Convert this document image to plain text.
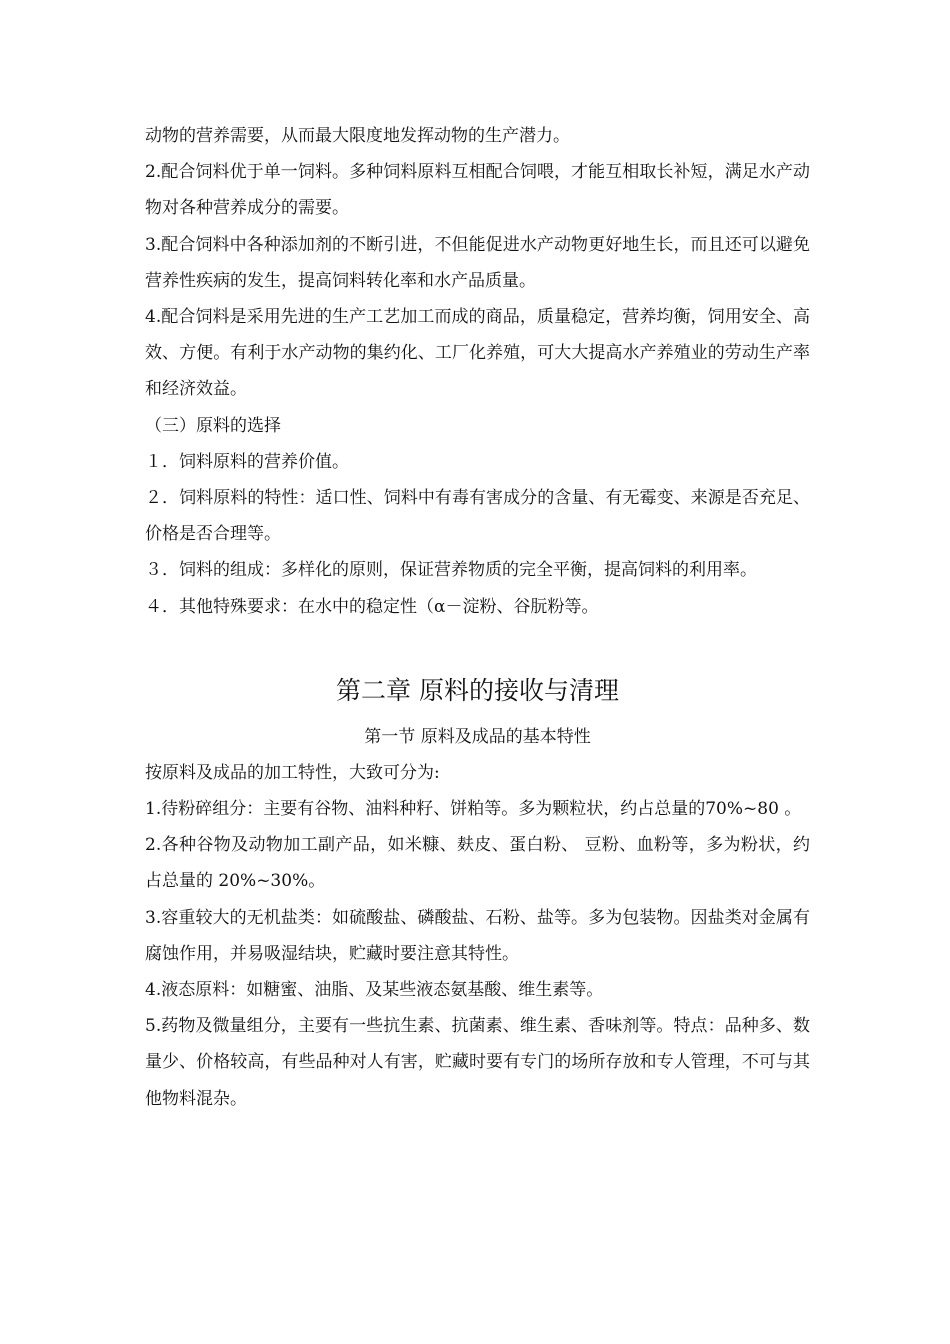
动物的营养需要，从而最大限度地发挥动物的生产潜力。

2.配合饲料优于单一饲料。多种饲料原料互相配合饲喂，才能互相取长补短，满足水产动物对各种营养成分的需要。

3.配合饲料中各种添加剂的不断引进，不但能促进水产动物更好地生长，而且还可以避免营养性疾病的发生，提高饲料转化率和水产品质量。

4.配合饲料是采用先进的生产工艺加工而成的商品，质量稳定，营养均衡，饲用安全、高效、方便。有利于水产动物的集约化、工厂化养殖，可大大提高水产养殖业的劳动生产率和经济效益。

（三）原料的选择

１．饲料原料的营养价值。

２．饲料原料的特性：适口性、饲料中有毒有害成分的含量、有无霉变、来源是否充足、价格是否合理等。

３．饲料的组成：多样化的原则，保证营养物质的完全平衡，提高饲料的利用率。

４．其他特殊要求：在水中的稳定性（α－淀粉、谷朊粉等。

第二章 原料的接收与清理
第一节 原料及成品的基本特性

按原料及成品的加工特性，大致可分为:

1.待粉碎组分：主要有谷物、油料种籽、饼粕等。多为颗粒状，约占总量的70%~80 。

2.各种谷物及动物加工副产品，如米糠、麸皮、蛋白粉、 豆粉、血粉等，多为粉状，约占总量的 20%~30%。

3.容重较大的无机盐类：如硫酸盐、磷酸盐、石粉、盐等。多为包装物。因盐类对金属有腐蚀作用，并易吸湿结块，贮藏时要注意其特性。

4.液态原料：如糖蜜、油脂、及某些液态氨基酸、维生素等。

5.药物及微量组分，主要有一些抗生素、抗菌素、维生素、香味剂等。特点：品种多、数量少、价格较高，有些品种对人有害，贮藏时要有专门的场所存放和专人管理，不可与其他物料混杂。
